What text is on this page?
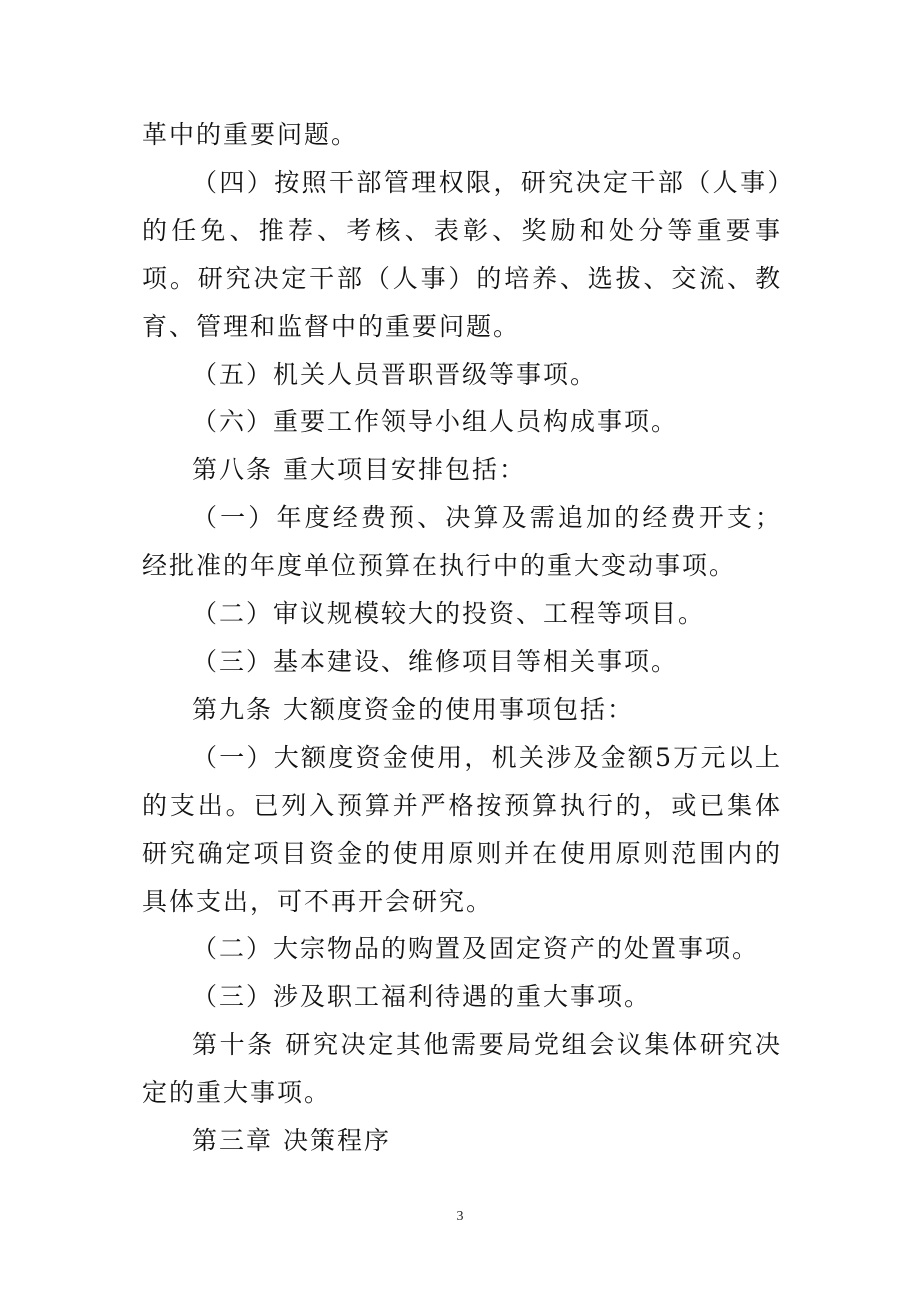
革中的重要问题。

（四）按照干部管理权限，研究决定干部（人事）的任免、推荐、考核、表彰、奖励和处分等重要事项。研究决定干部（人事）的培养、选拔、交流、教育、管理和监督中的重要问题。

（五）机关人员晋职晋级等事项。

（六）重要工作领导小组人员构成事项。

第八条 重大项目安排包括：

（一）年度经费预、决算及需追加的经费开支；经批准的年度单位预算在执行中的重大变动事项。

（二）审议规模较大的投资、工程等项目。

（三）基本建设、维修项目等相关事项。

第九条 大额度资金的使用事项包括：

（一）大额度资金使用，机关涉及金额5万元以上的支出。已列入预算并严格按预算执行的，或已集体研究确定项目资金的使用原则并在使用原则范围内的具体支出，可不再开会研究。

（二）大宗物品的购置及固定资产的处置事项。

（三）涉及职工福利待遇的重大事项。

第十条 研究决定其他需要局党组会议集体研究决定的重大事项。

第三章 决策程序

3
